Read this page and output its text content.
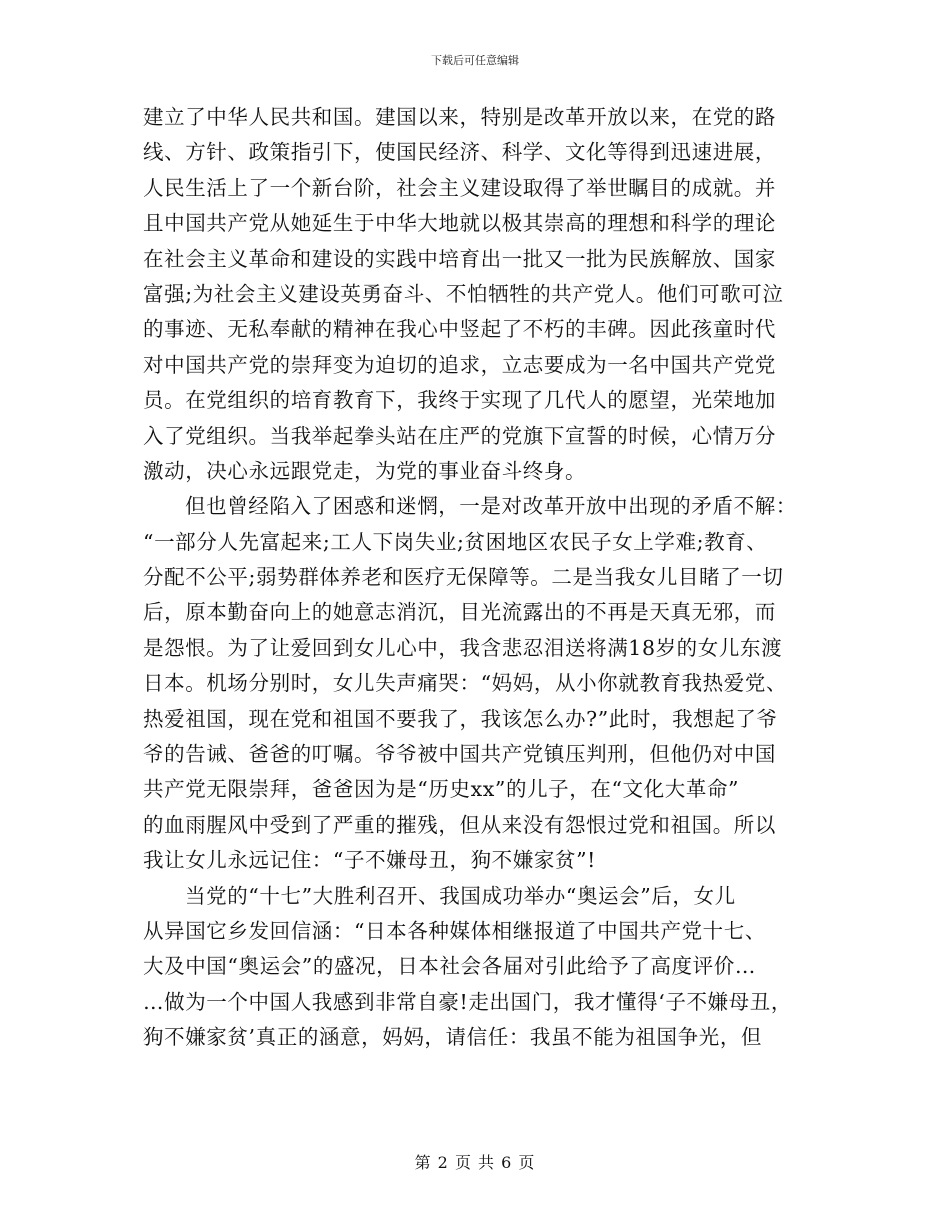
下载后可任意编辑
建立了中华人民共和国。建国以来，特别是改革开放以来，在党的路
线、方针、政策指引下，使国民经济、科学、文化等得到迅速进展，
人民生活上了一个新台阶，社会主义建设取得了举世瞩目的成就。并
且中国共产党从她延生于中华大地就以极其崇高的理想和科学的理论
在社会主义革命和建设的实践中培育出一批又一批为民族解放、国家
富强;为社会主义建设英勇奋斗、不怕牺牲的共产党人。他们可歌可泣
的事迹、无私奉献的精神在我心中竖起了不朽的丰碑。因此孩童时代
对中国共产党的崇拜变为迫切的追求，立志要成为一名中国共产党党
员。在党组织的培育教育下，我终于实现了几代人的愿望，光荣地加
入了党组织。当我举起拳头站在庄严的党旗下宣誓的时候，心情万分
激动，决心永远跟党走，为党的事业奋斗终身。
但也曾经陷入了困惑和迷惘，一是对改革开放中出现的矛盾不解：
“一部分人先富起来;工人下岗失业;贫困地区农民子女上学难;教育、
分配不公平;弱势群体养老和医疗无保障等。二是当我女儿目睹了一切
后，原本勤奋向上的她意志消沉，目光流露出的不再是天真无邪，而
是怨恨。为了让爱回到女儿心中，我含悲忍泪送将满18岁的女儿东渡
日本。机场分别时，女儿失声痛哭：“妈妈，从小你就教育我热爱党、
热爱祖国，现在党和祖国不要我了，我该怎么办?”此时，我想起了爷
爷的告诫、爸爸的叮嘱。爷爷被中国共产党镇压判刑，但他仍对中国
共产党无限崇拜，爸爸因为是“历史xx”的儿子，在“文化大革命”
的血雨腥风中受到了严重的摧残，但从来没有怨恨过党和祖国。所以
我让女儿永远记住：“子不嫌母丑，狗不嫌家贫”!
当党的“十七”大胜利召开、我国成功举办“奥运会”后，女儿
从异国它乡发回信涵：“日本各种媒体相继报道了中国共产党十七、
大及中国“奥运会”的盛况，日本社会各届对引此给予了高度评价…
…做为一个中国人我感到非常自豪!走出国门，我才懂得‘子不嫌母丑，
狗不嫌家贫’真正的涵意，妈妈，请信任：我虽不能为祖国争光，但
第 2 页 共 6 页
